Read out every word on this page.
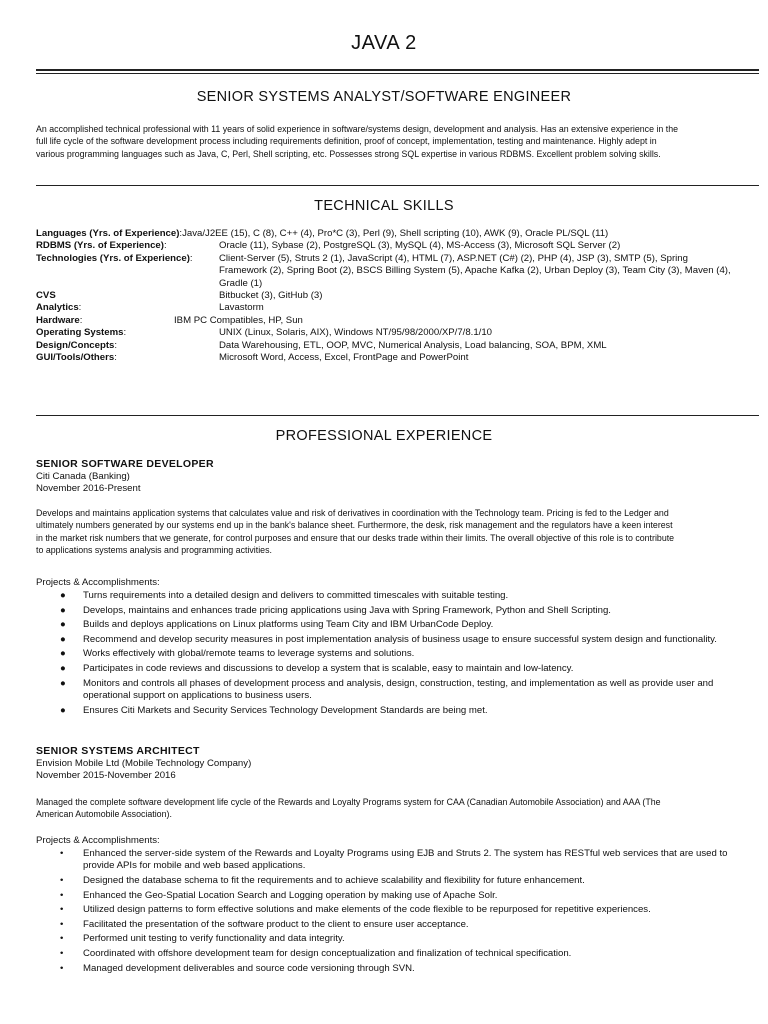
JAVA 2
SENIOR SYSTEMS ANALYST/SOFTWARE ENGINEER
An accomplished technical professional with 11 years of solid experience in software/systems design, development and analysis. Has an extensive experience in the
full life cycle of the software development process including requirements definition, proof of concept, implementation, testing and maintenance. Highly adept in
various programming languages such as Java, C, Perl, Shell scripting, etc. Possesses strong SQL expertise in various RDBMS. Excellent problem solving skills.
TECHNICAL SKILLS
Languages (Yrs. of Experience):Java/J2EE (15), C (8), C++ (4), Pro*C (3), Perl (9), Shell scripting (10), AWK (9), Oracle PL/SQL (11)
RDBMS (Yrs. of Experience):	Oracle (11), Sybase (2), PostgreSQL (3), MySQL (4), MS-Access (3), Microsoft SQL Server (2)
Technologies (Yrs. of Experience):	Client-Server (5), Struts 2 (1), JavaScript (4), HTML (7), ASP.NET (C#) (2), PHP (4), JSP (3), SMTP (5), Spring
Framework (2), Spring Boot (2), BSCS Billing System (5), Apache Kafka (2), Urban Deploy (3), Team City (3), Maven (4),
Gradle (1)
CVS	Bitbucket (3), GitHub (3)
Analytics:	Lavastorm
Hardware:	IBM PC Compatibles, HP, Sun
Operating Systems:	UNIX (Linux, Solaris, AIX), Windows NT/95/98/2000/XP/7/8.1/10
Design/Concepts:	Data Warehousing, ETL, OOP, MVC, Numerical Analysis, Load balancing, SOA, BPM, XML
GUI/Tools/Others:	Microsoft Word, Access, Excel, FrontPage and PowerPoint
PROFESSIONAL EXPERIENCE
SENIOR SOFTWARE DEVELOPER
Citi Canada (Banking)
November 2016-Present
Develops and maintains application systems that calculates value and risk of derivatives in coordination with the Technology team. Pricing is fed to the Ledger and
ultimately numbers generated by our systems end up in the bank's balance sheet. Furthermore, the desk, risk management and the regulators have a keen interest
in the market risk numbers that we generate, for control purposes and ensure that our desks trade within their limits. The overall objective of this role is to contribute
to applications systems analysis and programming activities.
Projects & Accomplishments:
● Turns requirements into a detailed design and delivers to committed timescales with suitable testing.
● Develops, maintains and enhances trade pricing applications using Java with Spring Framework, Python and Shell Scripting.
● Builds and deploys applications on Linux platforms using Team City and IBM UrbanCode Deploy.
● Recommend and develop security measures in post implementation analysis of business usage to ensure successful system design and functionality.
● Works effectively with global/remote teams to leverage systems and solutions.
● Participates in code reviews and discussions to develop a system that is scalable, easy to maintain and low-latency.
● Monitors and controls all phases of development process and analysis, design, construction, testing, and implementation as well as provide user and
operational support on applications to business users.
● Ensures Citi Markets and Security Services Technology Development Standards are being met.
SENIOR SYSTEMS ARCHITECT
Envision Mobile Ltd (Mobile Technology Company)
November 2015-November 2016
Managed the complete software development life cycle of the Rewards and Loyalty Programs system for CAA (Canadian Automobile Association) and AAA (The
American Automobile Association).
Projects & Accomplishments:
• Enhanced the server-side system of the Rewards and Loyalty Programs using EJB and Struts 2. The system has RESTful web services that are used to
provide APIs for mobile and web based applications.
• Designed the database schema to fit the requirements and to achieve scalability and flexibility for future enhancement.
• Enhanced the Geo-Spatial Location Search and Logging operation by making use of Apache Solr.
• Utilized design patterns to form effective solutions and make elements of the code flexible to be repurposed for repetitive experiences.
• Facilitated the presentation of the software product to the client to ensure user acceptance.
• Performed unit testing to verify functionality and data integrity.
• Coordinated with offshore development team for design conceptualization and finalization of technical specification.
• Managed development deliverables and source code versioning through SVN.
